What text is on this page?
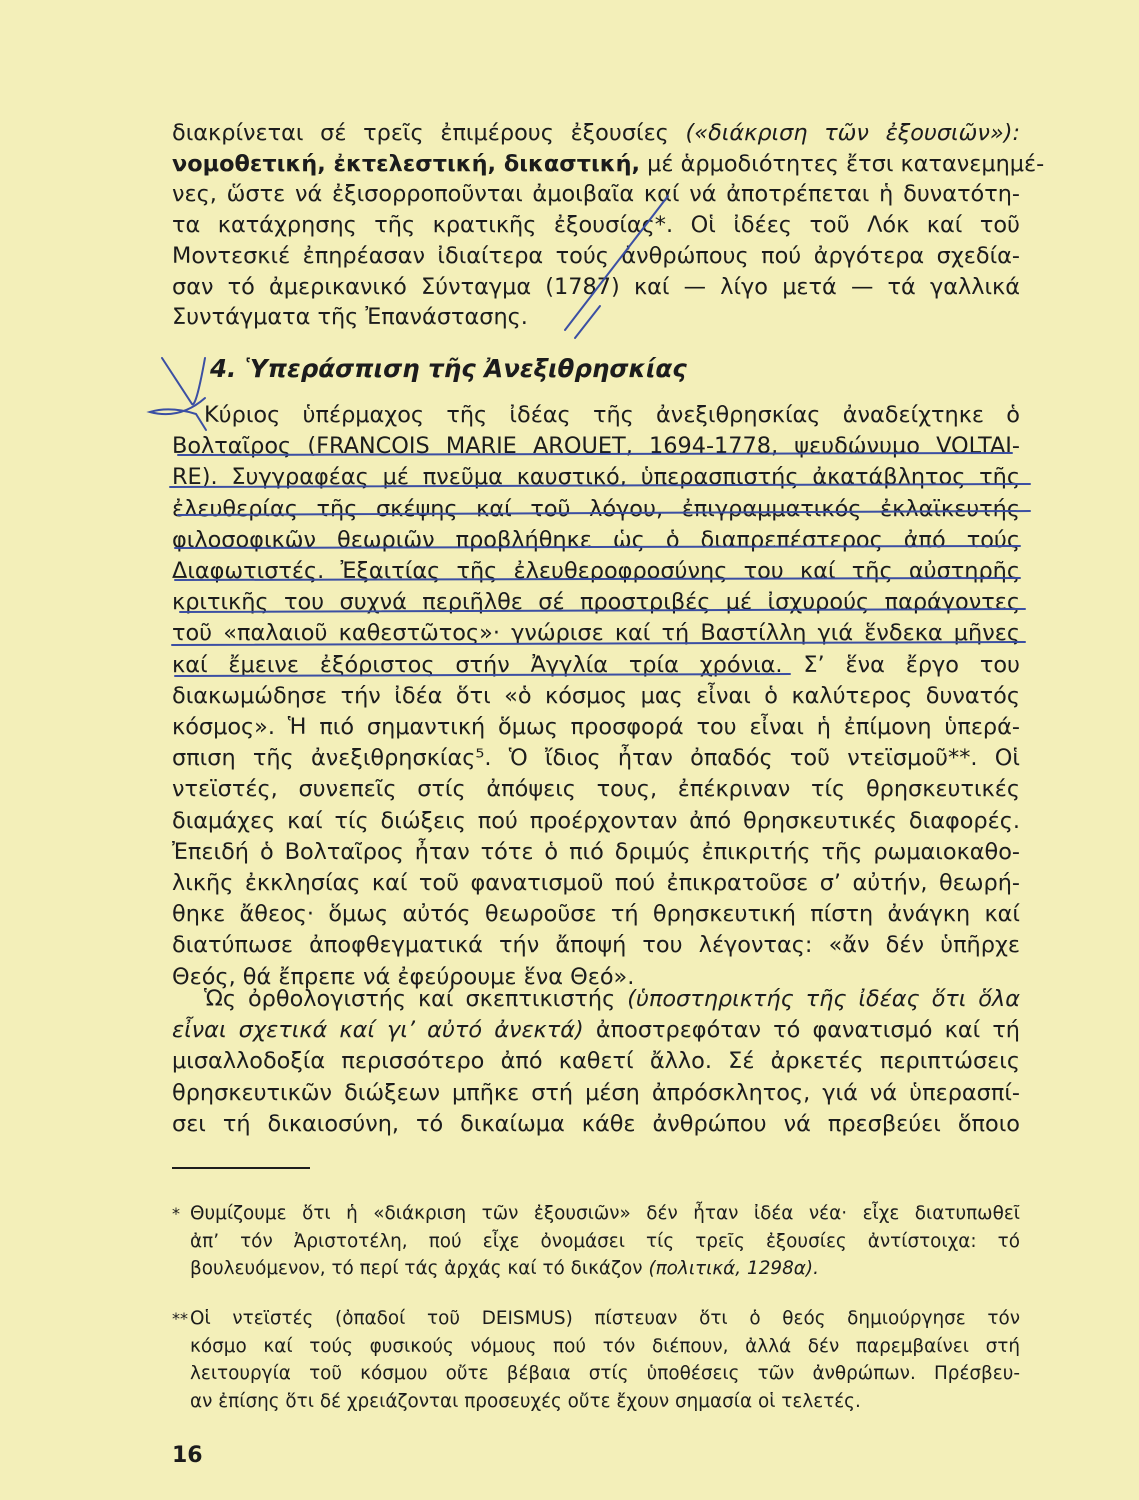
διακρίνεται σέ τρεῖς ἐπιμέρους ἐξουσίες («διάκριση τῶν ἐξουσιῶν»):
νομοθετική, ἐκτελεστική, δικαστική, μέ ἁρμοδιότητες ἔτσι κατανεμημέ-
νες, ὥστε νά ἐξισορροποῦνται ἀμοιβαῖα καί νά ἀποτρέπεται ἡ δυνατότη-
τα κατάχρησης τῆς κρατικῆς ἐξουσίας*. Οἱ ἰδέες τοῦ Λόκ καί τοῦ
Μοντεσκιέ ἐπηρέασαν ἰδιαίτερα τούς ἀνθρώπους πού ἀργότερα σχεδία-
σαν τό ἀμερικανικό Σύνταγμα (1787) καί — λίγο μετά — τά γαλλικά
Συντάγματα τῆς Ἐπανάστασης.
4. Ὑπεράσπιση τῆς Ἀνεξιθρησκίας
Κύριος ὑπέρμαχος τῆς ἰδέας τῆς ἀνεξιθρησκίας ἀναδείχτηκε ὁ
Βολταῖρος (FRANCOIS MARIE AROUET, 1694-1778, ψευδώνυμο VOLTAI-
RE). Συγγραφέας μέ πνεῦμα καυστικό, ὑπερασπιστής ἀκατάβλητος τῆς
ἐλευθερίας τῆς σκέψης καί τοῦ λόγου, ἐπιγραμματικός ἐκλαϊκευτής
φιλοσοφικῶν θεωριῶν προβλήθηκε ὡς ὁ διαπρεπέστερος ἀπό τούς
Διαφωτιστές. Ἐξαιτίας τῆς ἐλευθεροφροσύνης του καί τῆς αὐστηρῆς
κριτικῆς του συχνά περιῆλθε σέ προστριβές μέ ἰσχυρούς παράγοντες
τοῦ «παλαιοῦ καθεστῶτος»· γνώρισε καί τή Βαστίλλη γιά ἕνδεκα μῆνες
καί ἔμεινε ἐξόριστος στήν Ἀγγλία τρία χρόνια. Σ’ ἕνα ἔργο του
διακωμώδησε τήν ἰδέα ὅτι «ὁ κόσμος μας εἶναι ὁ καλύτερος δυνατός
κόσμος». Ἡ πιό σημαντική ὅμως προσφορά του εἶναι ἡ ἐπίμονη ὑπερά-
σπιση τῆς ἀνεξιθρησκίας⁵. Ὁ ἴδιος ἦταν ὀπαδός τοῦ ντεϊσμοῦ**. Οἱ
ντεϊστές, συνεπεῖς στίς ἀπόψεις τους, ἐπέκριναν τίς θρησκευτικές
διαμάχες καί τίς διώξεις πού προέρχονταν ἀπό θρησκευτικές διαφορές.
Ἐπειδή ὁ Βολταῖρος ἦταν τότε ὁ πιό δριμύς ἐπικριτής τῆς ρωμαιοκαθο-
λικῆς ἐκκλησίας καί τοῦ φανατισμοῦ πού ἐπικρατοῦσε σ’ αὐτήν, θεωρή-
θηκε ἄθεος· ὅμως αὐτός θεωροῦσε τή θρησκευτική πίστη ἀνάγκη καί
διατύπωσε ἀποφθεγματικά τήν ἄποψή του λέγοντας: «ἄν δέν ὑπῆρχε
Θεός, θά ἔπρεπε νά ἐφεύρουμε ἕνα Θεό».
Ὡς ὀρθολογιστής καί σκεπτικιστής (ὑποστηρικτής τῆς ἰδέας ὅτι ὅλα
εἶναι σχετικά καί γι’ αὐτό ἀνεκτά) ἀποστρεφόταν τό φανατισμό καί τή
μισαλλοδοξία περισσότερο ἀπό καθετί ἄλλο. Σέ ἀρκετές περιπτώσεις
θρησκευτικῶν διώξεων μπῆκε στή μέση ἀπρόσκλητος, γιά νά ὑπερασπί-
σει τή δικαιοσύνη, τό δικαίωμα κάθε ἀνθρώπου νά πρεσβεύει ὅποιο
* Θυμίζουμε ὅτι ἡ «διάκριση τῶν ἐξουσιῶν» δέν ἦταν ἰδέα νέα· εἶχε διατυπωθεῖ
ἀπ’ τόν Ἀριστοτέλη, πού εἶχε ὀνομάσει τίς τρεῖς ἐξουσίες ἀντίστοιχα: τό
βουλευόμενον, τό περί τάς ἀρχάς καί τό δικάζον (πολιτικά, 1298α).
** Οἱ ντεϊστές (ὀπαδοί τοῦ DEISMUS) πίστευαν ὅτι ὁ θεός δημιούργησε τόν
κόσμο καί τούς φυσικούς νόμους πού τόν διέπουν, ἀλλά δέν παρεμβαίνει στή
λειτουργία τοῦ κόσμου οὔτε βέβαια στίς ὑποθέσεις τῶν ἀνθρώπων. Πρέσβευ-
αν ἐπίσης ὅτι δέ χρειάζονται προσευχές οὔτε ἔχουν σημασία οἱ τελετές.
16
